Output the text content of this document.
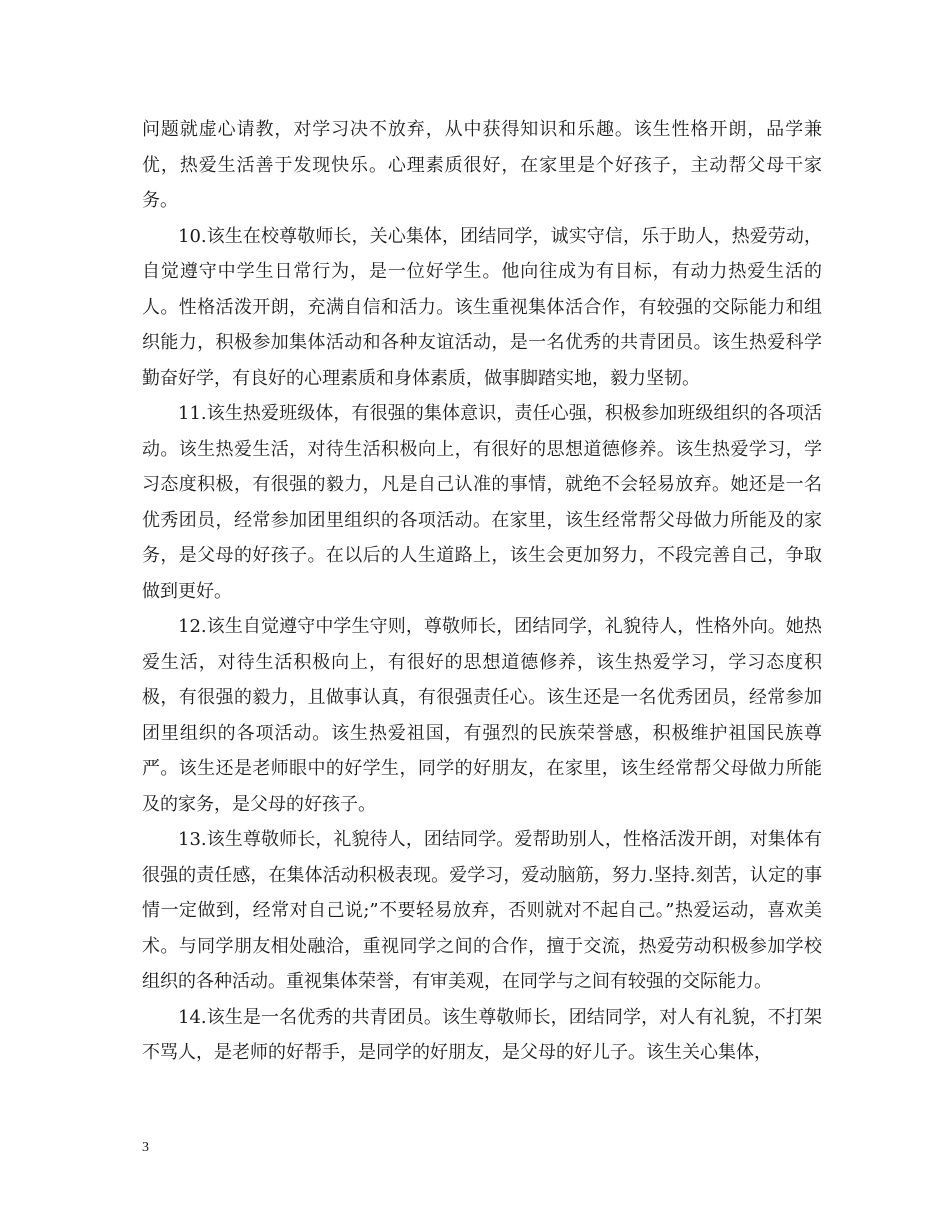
问题就虚心请教，对学习决不放弃，从中获得知识和乐趣。该生性格开朗，品学兼优，热爱生活善于发现快乐。心理素质很好，在家里是个好孩子，主动帮父母干家务。

10.该生在校尊敬师长，关心集体，团结同学，诚实守信，乐于助人，热爱劳动，自觉遵守中学生日常行为，是一位好学生。他向往成为有目标，有动力热爱生活的人。性格活泼开朗，充满自信和活力。该生重视集体活合作，有较强的交际能力和组织能力，积极参加集体活动和各种友谊活动，是一名优秀的共青团员。该生热爱科学勤奋好学，有良好的心理素质和身体素质，做事脚踏实地，毅力坚韧。

11.该生热爱班级体，有很强的集体意识，责任心强，积极参加班级组织的各项活动。该生热爱生活，对待生活积极向上，有很好的思想道德修养。该生热爱学习，学习态度积极，有很强的毅力，凡是自己认准的事情，就绝不会轻易放弃。她还是一名优秀团员，经常参加团里组织的各项活动。在家里，该生经常帮父母做力所能及的家务，是父母的好孩子。在以后的人生道路上，该生会更加努力，不段完善自己，争取做到更好。

12.该生自觉遵守中学生守则，尊敬师长，团结同学，礼貌待人，性格外向。她热爱生活，对待生活积极向上，有很好的思想道德修养，该生热爱学习，学习态度积极，有很强的毅力，且做事认真，有很强责任心。该生还是一名优秀团员，经常参加团里组织的各项活动。该生热爱祖国，有强烈的民族荣誉感，积极维护祖国民族尊严。该生还是老师眼中的好学生，同学的好朋友，在家里，该生经常帮父母做力所能及的家务，是父母的好孩子。

13.该生尊敬师长，礼貌待人，团结同学。爱帮助别人，性格活泼开朗，对集体有很强的责任感，在集体活动积极表现。爱学习，爱动脑筋，努力.坚持.刻苦，认定的事情一定做到，经常对自己说;”不要轻易放弃，否则就对不起自己。”热爱运动，喜欢美术。与同学朋友相处融洽，重视同学之间的合作，擅于交流，热爱劳动积极参加学校组织的各种活动。重视集体荣誉，有审美观，在同学与之间有较强的交际能力。

14.该生是一名优秀的共青团员。该生尊敬师长，团结同学，对人有礼貌，不打架不骂人，是老师的好帮手，是同学的好朋友，是父母的好儿子。该生关心集体，

3
